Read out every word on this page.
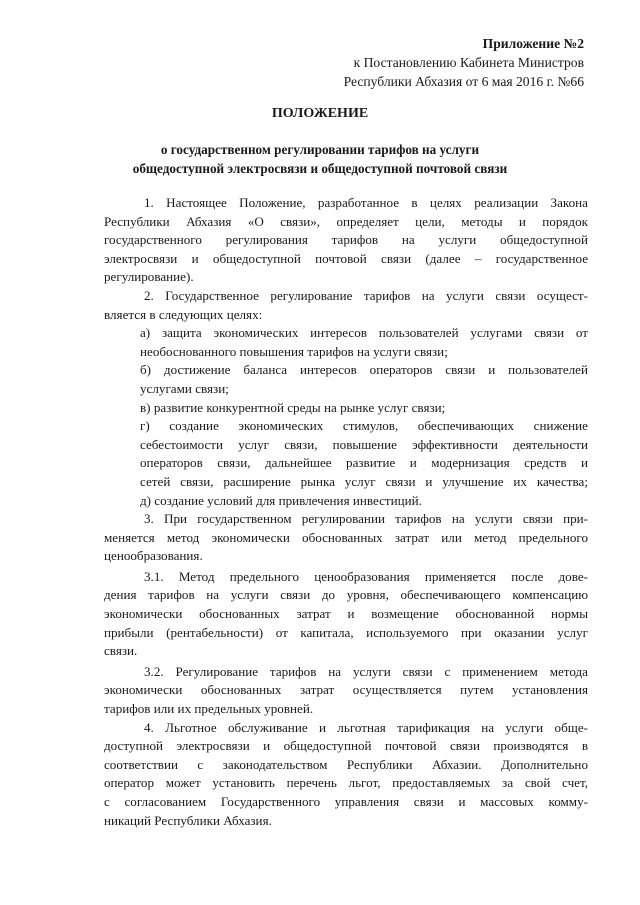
Приложение №2
к Постановлению Кабинета Министров
Республики Абхазия от 6 мая 2016 г. №66
ПОЛОЖЕНИЕ
о государственном регулировании тарифов на услуги
общедоступной электросвязи и общедоступной почтовой связи
1. Настоящее Положение, разработанное в целях реализации Закона
Республики Абхазия «О связи», определяет цели, методы и порядок
государственного регулирования тарифов на услуги общедоступной
электросвязи и общедоступной почтовой связи (далее – государственное
регулирование).
2. Государственное регулирование тарифов на услуги связи осущест-
вляется в следующих целях:
а) защита экономических интересов пользователей услугами связи от
необоснованного повышения тарифов на услуги связи;
б) достижение баланса интересов операторов связи и пользователей
услугами связи;
в) развитие конкурентной среды на рынке услуг связи;
г) создание экономических стимулов, обеспечивающих снижение
себестоимости услуг связи, повышение эффективности деятельности
операторов связи, дальнейшее развитие и модернизация средств и
сетей связи, расширение рынка услуг связи и улучшение их качества;
д) создание условий для привлечения инвестиций.
3. При государственном регулировании тарифов на услуги связи при-
меняется метод экономически обоснованных затрат или метод предельного
ценообразования.
3.1. Метод предельного ценообразования применяется после дове-
дения тарифов на услуги связи до уровня, обеспечивающего компенсацию
экономически обоснованных затрат и возмещение обоснованной нормы
прибыли (рентабельности) от капитала, используемого при оказании услуг
связи.
3.2. Регулирование тарифов на услуги связи с применением метода
экономически обоснованных затрат осуществляется путем установления
тарифов или их предельных уровней.
4. Льготное обслуживание и льготная тарификация на услуги обще-
доступной электросвязи и общедоступной почтовой связи производятся в
соответствии с законодательством Республики Абхазии. Дополнительно
оператор может установить перечень льгот, предоставляемых за свой счет,
с согласованием Государственного управления связи и массовых комму-
никаций Республики Абхазия.
